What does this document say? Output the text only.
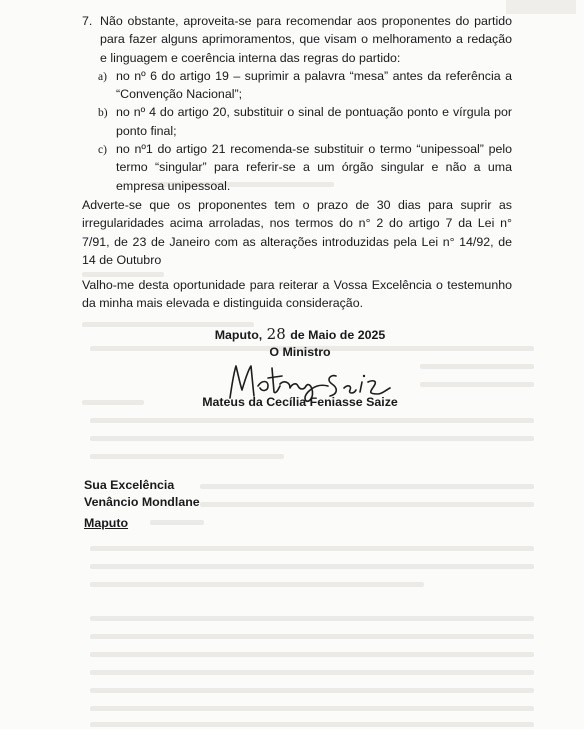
7. Não obstante, aproveita-se para recomendar aos proponentes do partido para fazer alguns aprimoramentos, que visam o melhoramento a redação e linguagem e coerência interna das regras do partido:
a) no nº 6 do artigo 19 – suprimir a palavra “mesa” antes da referência a “Convenção Nacional”;
b) no nº 4 do artigo 20, substituir o sinal de pontuação ponto e vírgula por ponto final;
c) no nº1 do artigo 21 recomenda-se substituir o termo “unipessoal” pelo termo “singular” para referir-se a um órgão singular e não a uma empresa unipessoal.
Adverte-se que os proponentes tem o prazo de 30 dias para suprir as irregularidades acima arroladas, nos termos do n° 2 do artigo 7 da Lei n° 7/91, de 23 de Janeiro com as alterações introduzidas pela Lei n° 14/92, de 14 de Outubro
Valho-me desta oportunidade para reiterar a Vossa Excelência o testemunho da minha mais elevada e distinguida consideração.
Maputo, 28 de Maio de 2025
O Ministro
Mateus da Cecília Feniasse Saize
Sua Excelência
Venâncio Mondlane
Maputo
